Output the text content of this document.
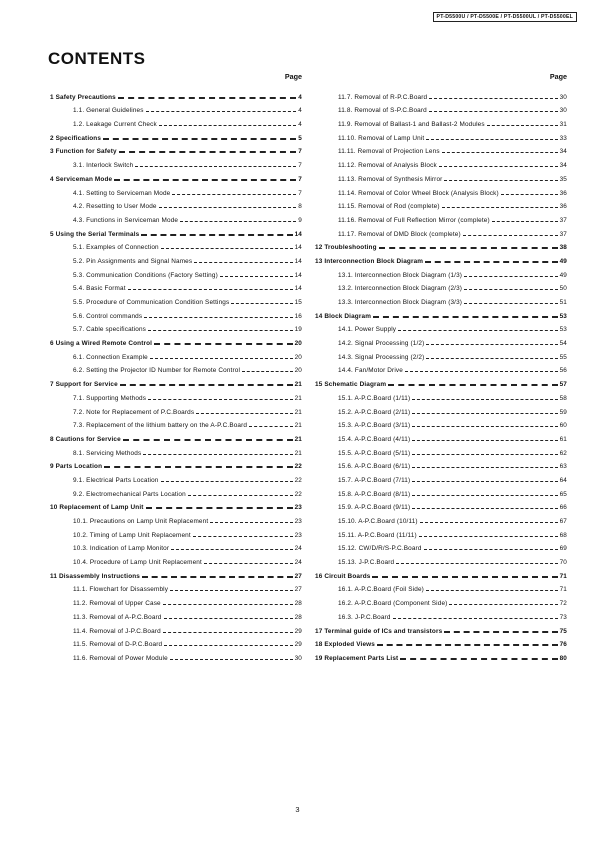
PT-D5500U / PT-D5500E / PT-D5500UL / PT-D5500EL
CONTENTS
Page
1 Safety Precautions	4
1.1. General Guidelines	4
1.2. Leakage Current Check	4
2 Specifications	5
3 Function for Safety	7
3.1. Interlock Switch	7
4 Serviceman Mode	7
4.1. Setting to Serviceman Mode	7
4.2. Resetting to User Mode	8
4.3. Functions in Serviceman Mode	9
5 Using the Serial Terminals	14
5.1. Examples of Connection	14
5.2. Pin Assignments and Signal Names	14
5.3. Communication Conditions (Factory Setting)	14
5.4. Basic Format	14
5.5. Procedure of Communication Condition Settings	15
5.6. Control commands	16
5.7. Cable specifications	19
6 Using a Wired Remote Control	20
6.1. Connection Example	20
6.2. Setting the Projector ID Number for Remote Control	20
7 Support for Service	21
7.1. Supporting Methods	21
7.2. Note for Replacement of P.C.Boards	21
7.3. Replacement of the lithium battery on the A-P.C.Board	21
8 Cautions for Service	21
8.1. Servicing Methods	21
9 Parts Location	22
9.1. Electrical Parts Location	22
9.2. Electromechanical Parts Location	22
10 Replacement of Lamp Unit	23
10.1. Precautions on Lamp Unit Replacement	23
10.2. Timing of Lamp Unit Replacement	23
10.3. Indication of Lamp Monitor	24
10.4. Procedure of Lamp Unit Replacement	24
11 Disassembly Instructions	27
11.1. Flowchart for Disassembly	27
11.2. Removal of Upper Case	28
11.3. Removal of A-P.C.Board	28
11.4. Removal of J-P.C.Board	29
11.5. Removal of D-P.C.Board	29
11.6. Removal of Power Module	30
Page
11.7. Removal of R-P.C.Board	30
11.8. Removal of S-P.C.Board	30
11.9. Removal of Ballast-1 and Ballast-2 Modules	31
11.10. Removal of Lamp Unit	33
11.11. Removal of Projection Lens	34
11.12. Removal of Analysis Block	34
11.13. Removal of Synthesis Mirror	35
11.14. Removal of Color Wheel Block (Analysis Block)	36
11.15. Removal of Rod (complete)	36
11.16. Removal of Full Reflection Mirror (complete)	37
11.17. Removal of DMD Block (complete)	37
12 Troubleshooting	38
13 Interconnection Block Diagram	49
13.1. Interconnection Block Diagram (1/3)	49
13.2. Interconnection Block Diagram (2/3)	50
13.3. Interconnection Block Diagram (3/3)	51
14 Block Diagram	53
14.1. Power Supply	53
14.2. Signal Processing (1/2)	54
14.3. Signal Processing (2/2)	55
14.4. Fan/Motor Drive	56
15 Schematic Diagram	57
15.1. A-P.C.Board (1/11)	58
15.2. A-P.C.Board (2/11)	59
15.3. A-P.C.Board (3/11)	60
15.4. A-P.C.Board (4/11)	61
15.5. A-P.C.Board (5/11)	62
15.6. A-P.C.Board (6/11)	63
15.7. A-P.C.Board (7/11)	64
15.8. A-P.C.Board (8/11)	65
15.9. A-P.C.Board (9/11)	66
15.10. A-P.C.Board (10/11)	67
15.11. A-P.C.Board (11/11)	68
15.12. CW/D/R/S-P.C.Board	69
15.13. J-P.C.Board	70
16 Circuit Boards	71
16.1. A-P.C.Board (Foil Side)	71
16.2. A-P.C.Board (Component Side)	72
16.3. J-P.C.Board	73
17 Terminal guide of ICs and transistors	75
18 Exploded Views	76
19 Replacement Parts List	80
3
